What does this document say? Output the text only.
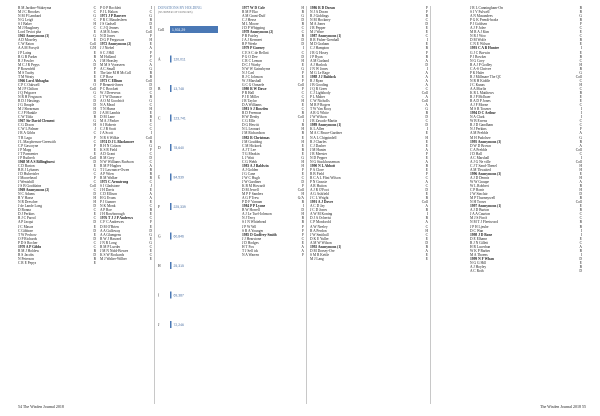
R M Jardine-Wakeyma	C
M J C Brookes	C
N M P Lambard	G
N G Leigh	C
S J Baker	H
M J Haughney	C
Lord Teviot pha	E
1965 Anonymous (3)	G
A D Moseley	E
C W Eaton	Coll
A A M Forsyth	C/H
J P Laing	E
R G B Parker	B
R J Fowler	A
M C J R Pepys	D
P Rosenfeld	P
M S Tuohy	E
T M Weaty	E
1966 Lord Abbagha	B
C P C Oakwell	O
M J P Chilton	Coll
J Q Pelgrave	G
N R H Ferguson	C
R D J Hastings	D
J G Ibruple	D
M J Shearman	H
C J P Hunkle	D
C W Tilda	B
1967 Sir David Clement	G
C G Dixon	H
C W L Palmer	J
J R A Gibbs	C
T R Lagu	F
J L Macpherson-Grenwith	C
C P Gascoyne	F
J P Mapp	E
J T Parmenter	E
J P Rutherh	Coll
1968 M A S Billinghurst	D
C D Barton	E
B R J Lybanes	G
J D Hubertsler	C
J Moorehead	F
J Wentsbill	C
J S B Gooldaine	Coll
1969 Anonymous (2)	C
N C Adams	D
R V Hasse	H
N R Drescher	H
J de Lande Long	D
D Bonna	C
D J Perkins	E
R J C Parrol	C
A P Jacqui	D
J C Mason	E
C Gibbons	D
T W Pechow	E
O P Richards	D
P D S Rocher	C
1970 A P Gibbs	C
R M J Holdew	B
R S Jacobs	D
N Peterson	B
C R E Pepys	E
DONATIONS BY HOLDING
(NUMBER OF DONORS)
Coll 1,931,29
A	120,011
B	13,748
C	123,741
D	78,640
E	84,539
F	225,339
G	60,846
H	25,315
I	69,387
J	72,246
P O P Rochlett	I
P J L Hakon	C
1971 J P Danvers	G
P R C Maudesleen	B
J S Gadsell	D
C J Q Jennes	E
A M R Jones	Coll
N D Jones	F
D G P Fergusson	H
1972 Anonymous (2)	E
J J Niebel	A
S C J Hill	F
M Holland	F
J M Heasley	C
M M S Vyeaseen	A
A C Small	G
The late M H McColl	B
C P Rose	B
1973 C Ellison	Coll
P Bennett-Jones	D
P C Brockett	D
W J Dereveux	C
J T W Durance	B
A O M Goodrich	G
N A Mead	C
T N Hume	H
J A M Lambis	E
D M Lane	B
M A J Parker	E
S J Roberts	C
C J B Scott	C
J A Scott	I
N R S Wilkie	Coll
1974 D J L Blackmore	B
R H N Colaon	G
K S R Field	F
A D Grant	C
R M Grey	D
N W Williams Rudwon	C
R M P Hughes	A
T J Lawrance-Owen	B
A P Wien	B
R M Walker	B
1975 C Armstrong	C
S J Gladstone	J
J H Davis	E
C D Ellison	A
H G Evans	A
P J Gunner	E
N K Monk	C
A P Roe	B
J H Rowborough	E
1976 T J J P Andrews	C
C F C Andrewes	F
D M O'Brien	E
A A Galloway	D
A A Glamgens	G
R W J Haward	E
J N R Long	G
R M P Lueder	C
J M N Nidd-Bowen	E
K S W Rockards	C
M J Walter-Wilber	E
1977 W D Cole	H
R M P Eko	B
A M Grant-Duff	G
C J Hesse	D
M L Moore	B
J D P Whipping	C
1978 Anonymous (2)	C
P B Fairley	B
J A J Kermeet	D
R P Weeks	D
1979 P Gurney	I
C E S C de Bellott	C
P G O Dee	D
C R C Lemon	H
D C J Warby	E
N W W Gainsbyrne	G
N J Carl	F
R J C Johnson	E
W J Marshall	F
G C G Oonaele	Coll
1980 R W Dawe	F
P R Hall	C
P J E Miller	C
J R Taylor	H
D A Williams	E
1981 S J Bowden	C
R D Freeman	B
H W Denby	Coll
C G Ellis	I
D G Hewitt	B
N L Leonard	H
J M Richardson	B
1982 R Christmas	E
J M Goulding	H
C M Hickoek	E
A J T Lee	B
T G Meakin	E
L J Watt	G
C G Webb	H
1983 A J Baldwin	H
A J Golden	F
J G Cane	E
J W C Hugh	C
J W Gardiner	D
K B M Howarth	F
D M Jewell	Coll
M P F Sanders	H
A G P Trew	G/A
P D F Varnam	B
1984 P P Lyone	I
B W Horrell	D
A J Le Tuel-Johnson	H
N J Terry	B
S J N Whitehead	B
J P W Wil	F
S R A Younger	F
1985 D Godfrey-Smith	F
J J Hearstone	C
J D Hodges	E
H T Fox	A
T J Sell ick	A
N A Warren	F
1986 R D Doran	F
N J A Doran	F
R J Giddings	B
N M Hockney	C
M A Jones	D
J R Pepper	E
M J Ware	E
1987 Anonymous (1)	C
R R Fisher-Grenhall	I
M D Graham	E
C J Hampton	B
J R G Hosey	F
J P Ryan	B
A M Garland	A
A J Harlock	D
J N W Jones	I
M G Le Rage	A
1988 J J Baldock	A
R J Ryan	A
J B Gooding	A
J Q R Greer	C
C J Lightbody	Coll
P L Maber	A
C W Nicholls	Coll
M R P Rogers	A
T W Van Rooy	G
A R G White	B
J W Wilson	D
J R Zavado-Martin	C
1989 Anonymous (1)	D
K L Allen	I
M A C Bruce-Gardner	E
N A L Chippindell	H
R J Charles	E
C J Dasher	E
J M Hunter	A
J R Meester	F
N D Pepper	E
N G Stackhouseman	A
1990 N L Abbott	B
P A Clore	E
R B Field	F
R C A L Flint Wilson	C
P N Grassie	A
A R Hutton	C
A J R O'Foot	D
A G Ashfield	E
J C L Wright	B
1991 A J Dover	Coll
A C D Jay	A
J C D Jones	B
A W M Koning	I
D J A Ocherisi	B
C P Monkvold	A
A W Neeley	C
R A Perdon	H
J W Smithall	C
D K E Yuller	E
A M W Wilson	D
1992 Anonymous (1)	B
D M Dorsey-Ore	A
S M R Kettle	E
M J Lang	E
J R L Cunningham-Orr	B
S J V Fulwell	B
A N Masandees	G
P G K Prendi-brake	B
P J Goldsen	F
A J F Jolee	C
M R A J Kim	E
N R J Woo	C
D M Wolfe	B
C N E Wilson	E
1993 C A B Hunter	I
G J C Borwin	E
P J Bowker	B
N G Coey	C
R A J P Godley	H
C A-S Chrivee	B
P K Hales	G
R J Millmare The QC	Coll
N R H Kiddle	C
J C Kunas	H
A A Morlin	C
K R L Matthews	B
R J P McIbaer	E
R A D P Jones	E
A J F Morne	C
M S R Towner	I
1994 D C Arthur	I
N A Clark	I
W B Ewens	C
R J D Gandham	C
N J Perkins	F
A M Prebble	A
M H Pudolsee	G
1995 Anonymous (3)	B
D W D Brown	A
C A Prebble	Coll
J D Hall	C
A C Marshall	I
A J G Ne ville	Coll
C J T Sand-Thenel	H
A M Thwaited	H
1996 Anonymous (3)	E
A J D Dennis	H
W W Graupe	A
W L Robbert	B
C P Ronis	H
J W Sinclair	D
M P Thurnnywell	B
N H Troser	Coll
1997 Anonymous (1)	E
A J D Burton	B
J A A Caurton	C
M J S Finch	C
N M T J Fleetwood	B
J P H Ljeuhe	B
D C Wan	I
1998 J D Bone	I
D E Elhams	E
R J N Gillett	C
H R Lucerhan	A
W K P Barber	B
M A Thoens	I
1999 N F Whan	D
N G G Hill	E
A J Hoyley	B
A C Roth	D
54 The Wisden Journal 2018	The Wisden Journal 2018 55
